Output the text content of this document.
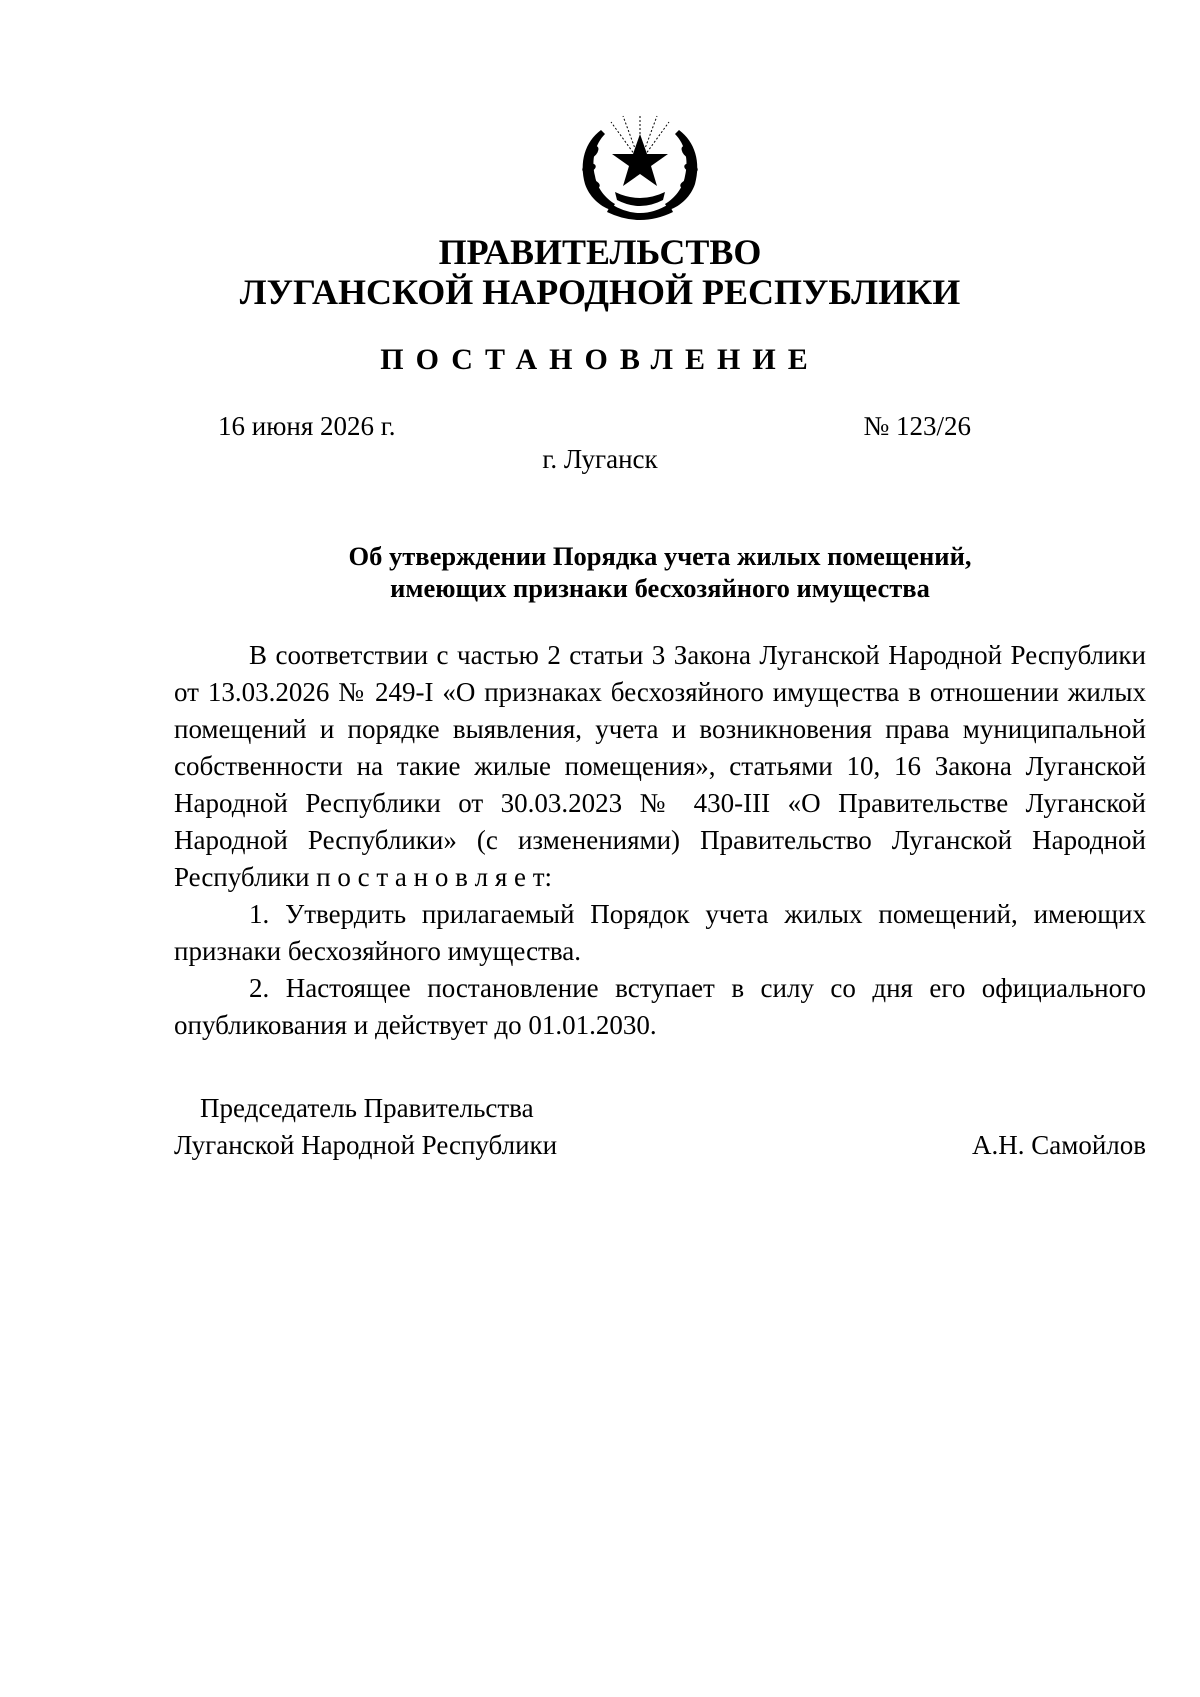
ПРАВИТЕЛЬСТВО
ЛУГАНСКОЙ НАРОДНОЙ РЕСПУБЛИКИ
ПОСТАНОВЛЕНИЕ
16 июня 2026 г.	№ 123/26
г. Луганск
Об утверждении Порядка учета жилых помещений,
имеющих признаки бесхозяйного имущества

В соответствии с частью 2 статьи 3 Закона Луганской Народной Республики от 13.03.2026 № 249-I «О признаках бесхозяйного имущества в отношении жилых помещений и порядке выявления, учета и возникновения права муниципальной собственности на такие жилые помещения», статьями 10, 16 Закона Луганской Народной Республики от 30.03.2023 № 430-III «О Правительстве Луганской Народной Республики» (с изменениями) Правительство Луганской Народной Республики п о с т а н о в л я е т:

1. Утвердить прилагаемый Порядок учета жилых помещений, имеющих признаки бесхозяйного имущества.

2. Настоящее постановление вступает в силу со дня его официального опубликования и действует до 01.01.2030.

Председатель Правительства
Луганской Народной Республики	А.Н. Самойлов
